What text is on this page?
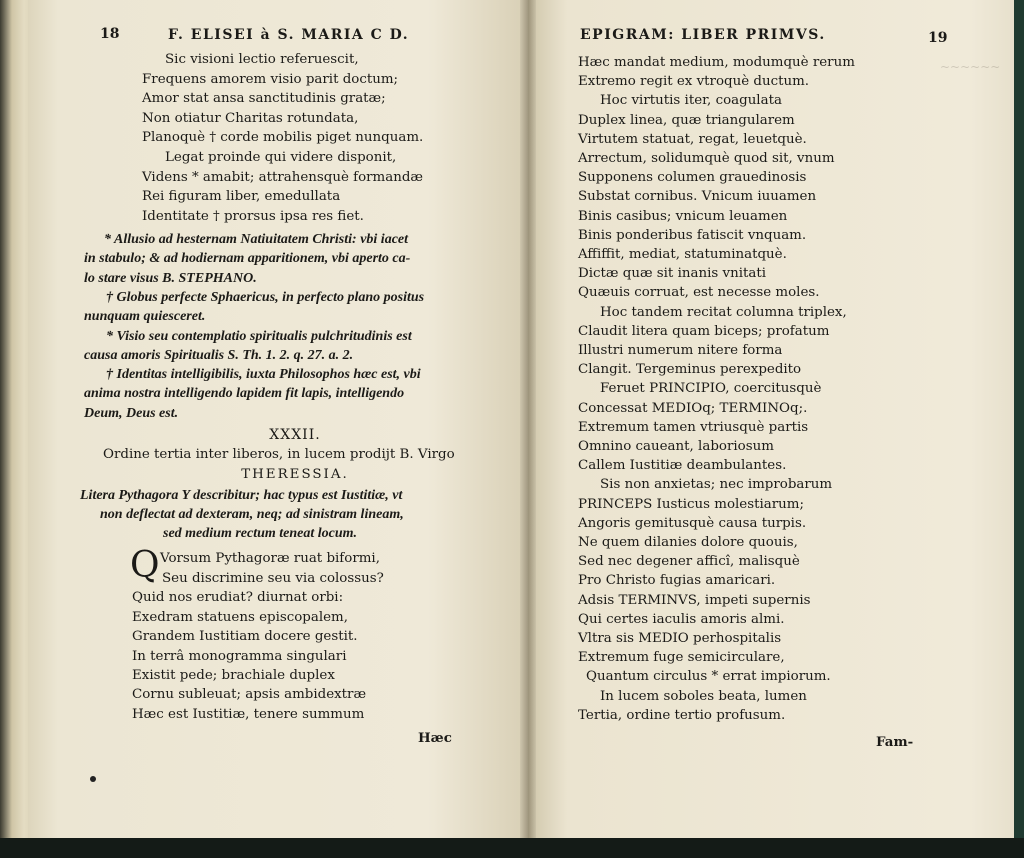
~~~~~~
18	F. ELISEI à S. MARIA C D.
Sic visioni lectio referuescit,
Frequens amorem visio parit doctum;
Amor stat ansa sanctitudinis gratæ;
Non otiatur Charitas rotundata,
Planoquè † corde mobilis piget nunquam.
Legat proinde qui videre disponit,
Videns * amabit; attrahensquè formandæ
Rei figuram liber, emedullata
Identitate † prorsus ipsa res fiet.
* Allusio ad hesternam Natiuitatem Christi: vbi iacet
in stabulo; & ad hodiernam apparitionem, vbi aperto ca-
lo stare visus B. STEPHANO.
† Globus perfecte Sphaericus, in perfecto plano positus
nunquam quiesceret.
* Visio seu contemplatio spiritualis pulchritudinis est
causa amoris Spiritualis S. Th. 1. 2. q. 27. a. 2.
† Identitas intelligibilis, iuxta Philosophos hæc est, vbi
anima nostra intelligendo lapidem fit lapis, intelligendo
Deum, Deus est.
XXXII.
Ordine tertia inter liberos, in lucem prodijt B. Virgo
THERESSIA.
Litera Pythagora Y describitur; hac typus est Iustitiæ, vt
non deflectat ad dexteram, neq; ad sinistram lineam,
sed medium rectum teneat locum.
Q Vorsum Pythagoræ ruat biformi,
Seu discrimine seu via colossus?
Quid nos erudiat? diurnat orbi:
Exedram statuens episcopalem,
Grandem Iustitiam docere gestit.
In terrâ monogramma singulari
Existit pede; brachiale duplex
Cornu subleuat; apsis ambidextræ
Hæc est Iustitiæ, tenere summum
Hæc
EPIGRAM: LIBER PRIMVS.	19
Hæc mandat medium, modumquè rerum
Extremo regit ex vtroquè ductum.
Hoc virtutis iter, coagulata
Duplex linea, quæ triangularem
Virtutem statuat, regat, leuetquè.
Arrectum, solidumquè quod sit, vnum
Supponens columen grauedinosis
Substat cornibus. Vnicum iuuamen
Binis casibus; vnicum leuamen
Binis ponderibus fatiscit vnquam.
Affiffit, mediat, statuminatquè.
Dictæ quæ sit inanis vnitati
Quæuis corruat, est necesse moles.
Hoc tandem recitat columna triplex,
Claudit litera quam biceps; profatum
Illustri numerum nitere forma
Clangit. Tergeminus perexpedito
Feruet PRINCIPIO, coercitusquè
Concessat MEDIOq; TERMINOq;.
Extremum tamen vtriusquè partis
Omnino caueant, laboriosum
Callem Iustitiæ deambulantes.
Sis non anxietas; nec improbarum
PRINCEPS Iusticus molestiarum;
Angoris gemitusquè causa turpis.
Ne quem dilanies dolore quouis,
Sed nec degener afficî, malisquè
Pro Christo fugias amaricari.
Adsis TERMINVS, impeti supernis
Qui certes iaculis amoris almi.
Vltra sis MEDIO perhospitalis
Extremum fuge semicirculare,
Quantum circulus * errat impiorum.
In lucem soboles beata, lumen
Tertia, ordine tertio profusum.
Fam-
